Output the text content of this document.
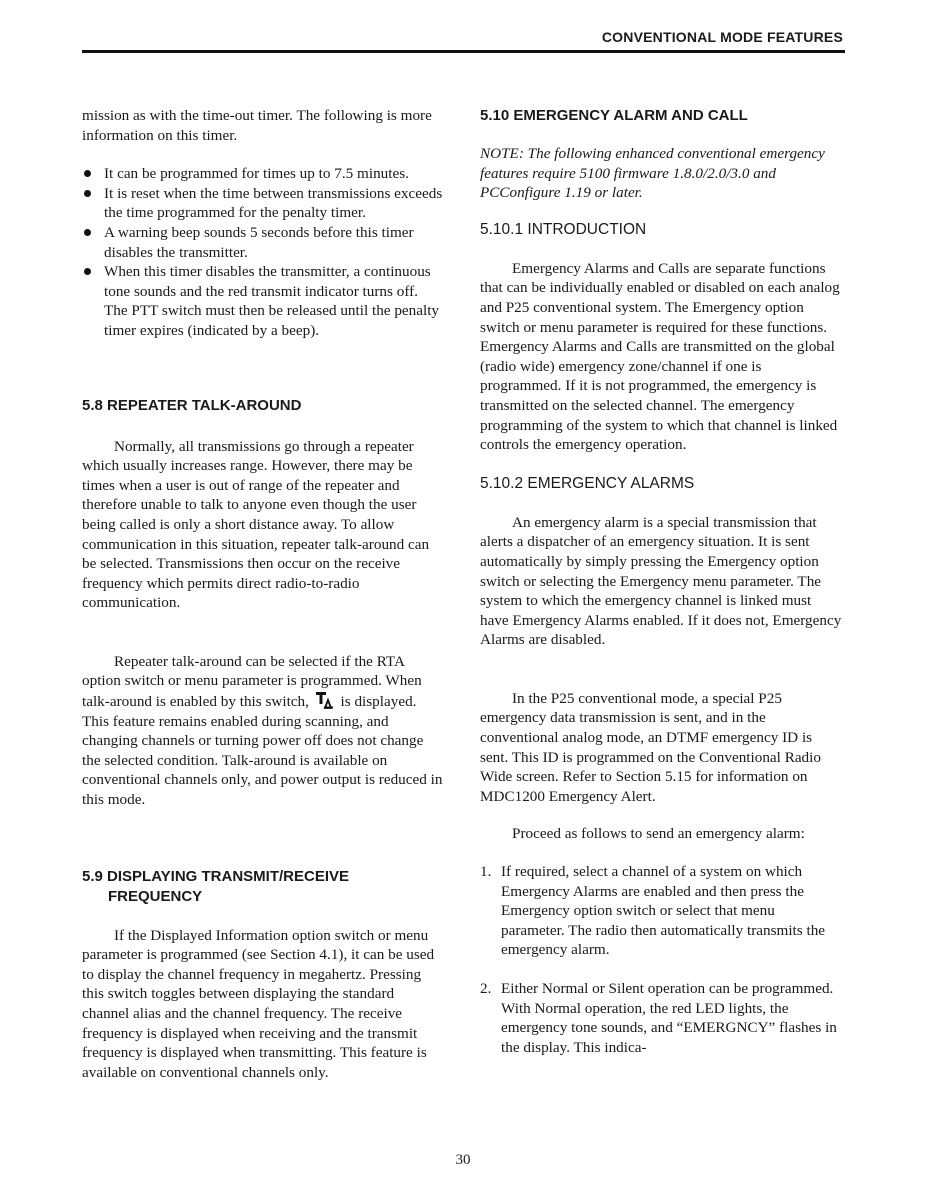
CONVENTIONAL MODE FEATURES

mission as with the time-out timer. The following is more information on this timer.

It can be programmed for times up to 7.5 minutes.
It is reset when the time between transmissions exceeds the time programmed for the penalty timer.
A warning beep sounds 5 seconds before this timer disables the transmitter.
When this timer disables the transmitter, a continuous tone sounds and the red transmit indicator turns off. The PTT switch must then be released until the penalty timer expires (indicated by a beep).
5.8 REPEATER TALK-AROUND

Normally, all transmissions go through a repeater which usually increases range. However, there may be times when a user is out of range of the repeater and therefore unable to talk to anyone even though the user being called is only a short distance away. To allow communication in this situation, repeater talk-around can be selected. Transmissions then occur on the receive frequency which permits direct radio-to-radio communication.

Repeater talk-around can be selected if the RTA option switch or menu parameter is programmed. When talk-around is enabled by this switch, is displayed. This feature remains enabled during scanning, and changing channels or turning power off does not change the selected condition. Talk-around is available on conventional channels only, and power output is reduced in this mode.

5.9 DISPLAYING TRANSMIT/RECEIVE FREQUENCY

If the Displayed Information option switch or menu parameter is programmed (see Section 4.1), it can be used to display the channel frequency in megahertz. Pressing this switch toggles between displaying the standard channel alias and the channel frequency. The receive frequency is displayed when receiving and the transmit frequency is displayed when transmitting. This feature is available on conventional channels only.

5.10 EMERGENCY ALARM AND CALL

NOTE: The following enhanced conventional emergency features require 5100 firmware 1.8.0/2.0/3.0 and PCConfigure 1.19 or later.

5.10.1 INTRODUCTION

Emergency Alarms and Calls are separate functions that can be individually enabled or disabled on each analog and P25 conventional system. The Emergency option switch or menu parameter is required for these functions. Emergency Alarms and Calls are transmitted on the global (radio wide) emergency zone/channel if one is programmed. If it is not programmed, the emergency is transmitted on the selected channel. The emergency programming of the system to which that channel is linked controls the emergency operation.

5.10.2 EMERGENCY ALARMS

An emergency alarm is a special transmission that alerts a dispatcher of an emergency situation. It is sent automatically by simply pressing the Emergency option switch or selecting the Emergency menu parameter. The system to which the emergency channel is linked must have Emergency Alarms enabled. If it does not, Emergency Alarms are disabled.

In the P25 conventional mode, a special P25 emergency data transmission is sent, and in the conventional analog mode, an DTMF emergency ID is sent. This ID is programmed on the Conventional Radio Wide screen. Refer to Section 5.15 for information on MDC1200 Emergency Alert.

Proceed as follows to send an emergency alarm:

1. If required, select a channel of a system on which Emergency Alarms are enabled and then press the Emergency option switch or select that menu parameter. The radio then automatically transmits the emergency alarm.
2. Either Normal or Silent operation can be programmed. With Normal operation, the red LED lights, the emergency tone sounds, and “EMERGNCY” flashes in the display. This indica-
30
